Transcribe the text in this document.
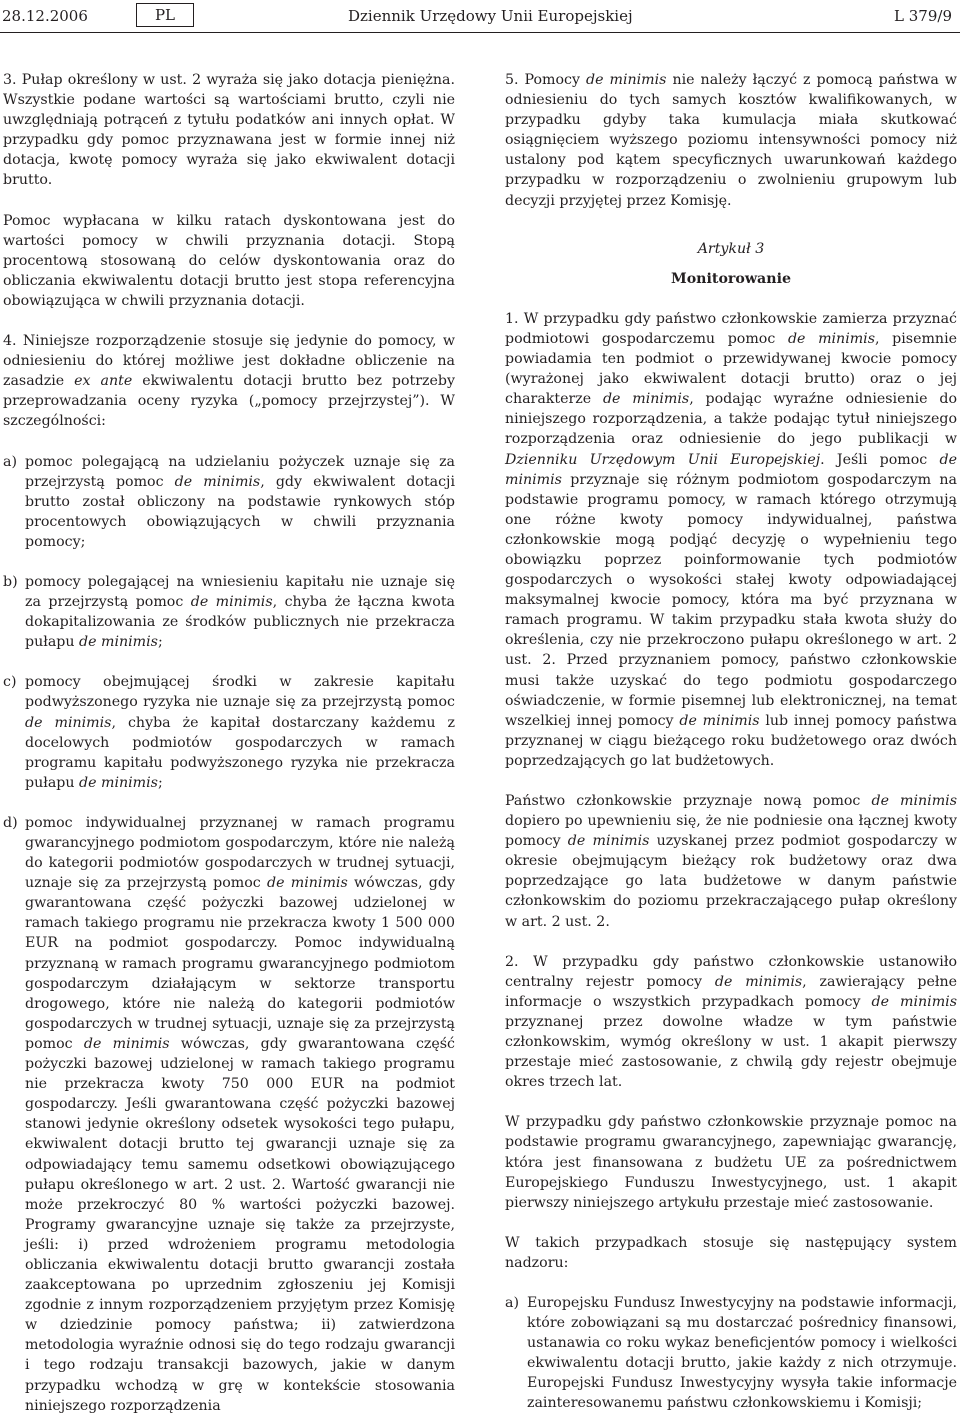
28.12.2006	PL	Dziennik Urzędowy Unii Europejskiej	L 379/9

3. Pułap określony w ust. 2 wyraża się jako dotacja pieniężna. Wszystkie podane wartości są wartościami brutto, czyli nie uwzględniają potrąceń z tytułu podatków ani innych opłat. W przypadku gdy pomoc przyznawana jest w formie innej niż dotacja, kwotę pomocy wyraża się jako ekwiwalent dotacji brutto.

Pomoc wypłacana w kilku ratach dyskontowana jest do wartości pomocy w chwili przyznania dotacji. Stopą procentową stosowaną do celów dyskontowania oraz do obliczania ekwiwalentu dotacji brutto jest stopa referencyjna obowiązująca w chwili przyznania dotacji.

4. Niniejsze rozporządzenie stosuje się jedynie do pomocy, w odniesieniu do której możliwe jest dokładne obliczenie na zasadzie ex ante ekwiwalentu dotacji brutto bez potrzeby przeprowadzania oceny ryzyka („pomocy przejrzystej”). W szczególności:

a) pomoc polegającą na udzielaniu pożyczek uznaje się za przejrzystą pomoc de minimis, gdy ekwiwalent dotacji brutto został obliczony na podstawie rynkowych stóp procentowych obowiązujących w chwili przyznania pomocy;
b) pomocy polegającej na wniesieniu kapitału nie uznaje się za przejrzystą pomoc de minimis, chyba że łączna kwota dokapitalizowania ze środków publicznych nie przekracza pułapu de minimis;
c) pomocy obejmującej środki w zakresie kapitału podwyższonego ryzyka nie uznaje się za przejrzystą pomoc de minimis, chyba że kapitał dostarczany każdemu z docelowych podmiotów gospodarczych w ramach programu kapitału podwyższonego ryzyka nie przekracza pułapu de minimis;
d) pomoc indywidualnej przyznanej w ramach programu gwarancyjnego podmiotom gospodarczym, które nie należą do kategorii podmiotów gospodarczych w trudnej sytuacji, uznaje się za przejrzystą pomoc de minimis wówczas, gdy gwarantowana część pożyczki bazowej udzielonej w ramach takiego programu nie przekracza kwoty 1 500 000 EUR na podmiot gospodarczy. Pomoc indywidualną przyznaną w ramach programu gwarancyjnego podmiotom gospodarczym działającym w sektorze transportu drogowego, które nie należą do kategorii podmiotów gospodarczych w trudnej sytuacji, uznaje się za przejrzystą pomoc de minimis wówczas, gdy gwarantowana część pożyczki bazowej udzielonej w ramach takiego programu nie przekracza kwoty 750 000 EUR na podmiot gospodarczy. Jeśli gwarantowana część pożyczki bazowej stanowi jedynie określony odsetek wysokości tego pułapu, ekwiwalent dotacji brutto tej gwarancji uznaje się za odpowiadający temu samemu odsetkowi obowiązującego pułapu określonego w art. 2 ust. 2. Wartość gwarancji nie może przekroczyć 80 % wartości pożyczki bazowej. Programy gwarancyjne uznaje się także za przejrzyste, jeśli: i) przed wdrożeniem programu metodologia obliczania ekwiwalentu dotacji brutto gwarancji została zaakceptowana po uprzednim zgłoszeniu jej Komisji zgodnie z innym rozporządzeniem przyjętym przez Komisję w dziedzinie pomocy państwa; ii) zatwierdzona metodologia wyraźnie odnosi się do tego rodzaju gwarancji i tego rodzaju transakcji bazowych, jakie w danym przypadku wchodzą w grę w kontekście stosowania niniejszego rozporządzenia

5. Pomocy de minimis nie należy łączyć z pomocą państwa w odniesieniu do tych samych kosztów kwalifikowanych, w przypadku gdyby taka kumulacja miała skutkować osiągnięciem wyższego poziomu intensywności pomocy niż ustalony pod kątem specyficznych uwarunkowań każdego przypadku w rozporządzeniu o zwolnieniu grupowym lub decyzji przyjętej przez Komisję.

Artykuł 3

Monitorowanie

1. W przypadku gdy państwo członkowskie zamierza przyznać podmiotowi gospodarczemu pomoc de minimis, pisemnie powiadamia ten podmiot o przewidywanej kwocie pomocy (wyrażonej jako ekwiwalent dotacji brutto) oraz o jej charakterze de minimis, podając wyraźne odniesienie do niniejszego rozporządzenia, a także podając tytuł niniejszego rozporządzenia oraz odniesienie do jego publikacji w Dzienniku Urzędowym Unii Europejskiej. Jeśli pomoc de minimis przyznaje się różnym podmiotom gospodarczym na podstawie programu pomocy, w ramach którego otrzymują one różne kwoty pomocy indywidualnej, państwa członkowskie mogą podjąć decyzję o wypełnieniu tego obowiązku poprzez poinformowanie tych podmiotów gospodarczych o wysokości stałej kwoty odpowiadającej maksymalnej kwocie pomocy, która ma być przyznana w ramach programu. W takim przypadku stała kwota służy do określenia, czy nie przekroczono pułapu określonego w art. 2 ust. 2. Przed przyznaniem pomocy, państwo członkowskie musi także uzyskać do tego podmiotu gospodarczego oświadczenie, w formie pisemnej lub elektronicznej, na temat wszelkiej innej pomocy de minimis lub innej pomocy państwa przyznanej w ciągu bieżącego roku budżetowego oraz dwóch poprzedzających go lat budżetowych.

Państwo członkowskie przyznaje nową pomoc de minimis dopiero po upewnieniu się, że nie podniesie ona łącznej kwoty pomocy de minimis uzyskanej przez podmiot gospodarczy w okresie obejmującym bieżący rok budżetowy oraz dwa poprzedzające go lata budżetowe w danym państwie członkowskim do poziomu przekraczającego pułap określony w art. 2 ust. 2.

2. W przypadku gdy państwo członkowskie ustanowiło centralny rejestr pomocy de minimis, zawierający pełne informacje o wszystkich przypadkach pomocy de minimis przyznanej przez dowolne władze w tym państwie członkowskim, wymóg określony w ust. 1 akapit pierwszy przestaje mieć zastosowanie, z chwilą gdy rejestr obejmuje okres trzech lat.

W przypadku gdy państwo członkowskie przyznaje pomoc na podstawie programu gwarancyjnego, zapewniając gwarancję, która jest finansowana z budżetu UE za pośrednictwem Europejskiego Funduszu Inwestycyjnego, ust. 1 akapit pierwszy niniejszego artykułu przestaje mieć zastosowanie.

W takich przypadkach stosuje się następujący system nadzoru:

a) Europejsku Fundusz Inwestycyjny na podstawie informacji, które zobowiązani są mu dostarczać pośrednicy finansowi, ustanawia co roku wykaz beneficjentów pomocy i wielkości ekwiwalentu dotacji brutto, jakie każdy z nich otrzymuje. Europejski Fundusz Inwestycyjny wysyła takie informacje zainteresowanemu państwu członkowskiemu i Komisji;
